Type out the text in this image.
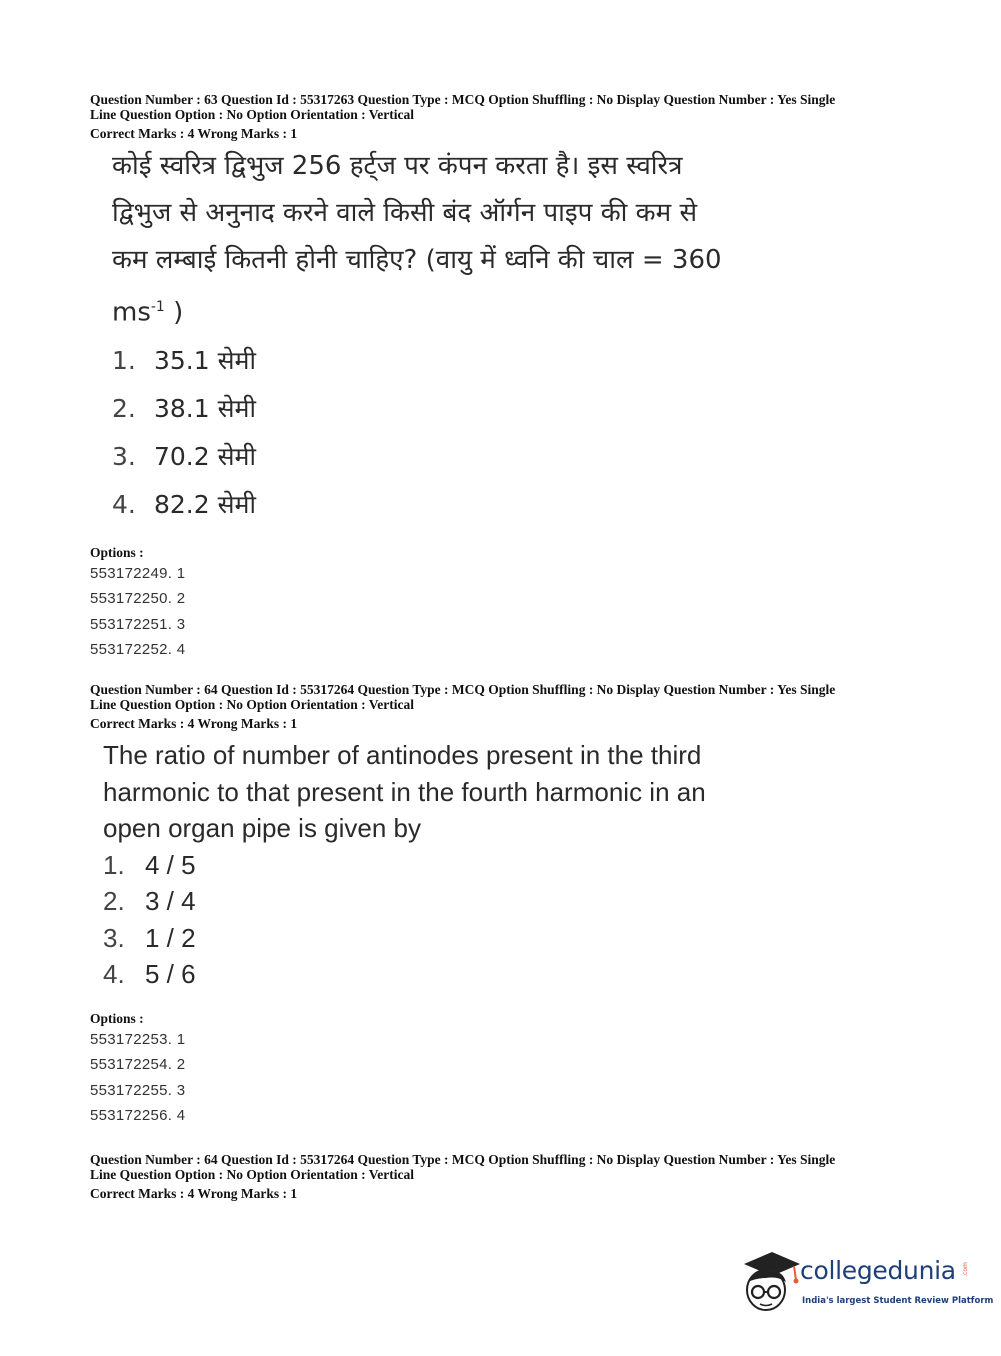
Question Number : 63 Question Id : 55317263 Question Type : MCQ Option Shuffling : No Display Question Number : Yes Single
Line Question Option : No Option Orientation : Vertical
Correct Marks : 4 Wrong Marks : 1
कोई स्वरित्र द्विभुज 256 हर्ट्ज पर कंपन करता है। इस स्वरित्र
द्विभुज से अनुनाद करने वाले किसी बंद ऑर्गन पाइप की कम से
कम लम्बाई कितनी होनी चाहिए? (वायु में ध्वनि की चाल = 360
$ms^{-1}$ )
1. 35.1 सेमी
2. 38.1 सेमी
3. 70.2 सेमी
4. 82.2 सेमी
Options :
553172249. 1
553172250. 2
553172251. 3
553172252. 4
Question Number : 64 Question Id : 55317264 Question Type : MCQ Option Shuffling : No Display Question Number : Yes Single
Line Question Option : No Option Orientation : Vertical
Correct Marks : 4 Wrong Marks : 1
The ratio of number of antinodes present in the third
harmonic to that present in the fourth harmonic in an
open organ pipe is given by
1. 4 / 5
2. 3 / 4
3. 1 / 2
4. 5 / 6
Options :
553172253. 1
553172254. 2
553172255. 3
553172256. 4
Question Number : 64 Question Id : 55317264 Question Type : MCQ Option Shuffling : No Display Question Number : Yes Single
Line Question Option : No Option Orientation : Vertical
Correct Marks : 4 Wrong Marks : 1
collegedunia .com
India's largest Student Review Platform
